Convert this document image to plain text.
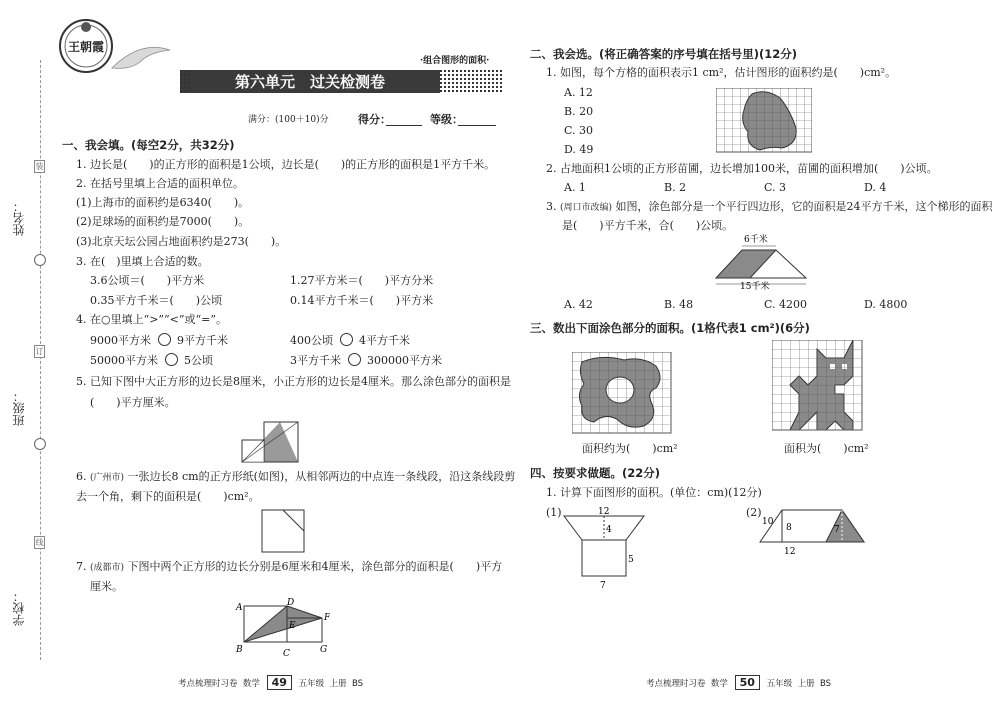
装
订
线
姓名：
班级：
学校：
王朝霞
·组合图形的面积·
第六单元　过关检测卷
满分：(100＋10)分	得分：	等级：
一、我会填。(每空2分，共32分)
1. 边长是(　　)的正方形的面积是1公顷，边长是(　　)的正方形的面积是1平方千米。
2. 在括号里填上合适的面积单位。
(1)上海市的面积约是6340(　　)。
(2)足球场的面积约是7000(　　)。
(3)北京天坛公园占地面积约是273(　　)。
3. 在(　)里填上合适的数。
3.6公顷＝(　　)平方米	1.27平方米＝(　　)平方分米
0.35平方千米＝(　　)公顷	0.14平方千米＝(　　)平方米
4. 在○里填上“>”“<”或“=”。
9000平方米 9平方千米	400公顷 4平方千米
50000平方米 5公顷	3平方千米 300000平方米
5. 已知下图中大正方形的边长是8厘米，小正方形的边长是4厘米。那么涂色部分的面积是
(　　)平方厘米。
6. (广州市) 一张边长8 cm的正方形纸(如图)，从相邻两边的中点连一条线段，沿这条线段剪
去一个角，剩下的面积是(　　)cm²。
7. (成都市) 下图中两个正方形的边长分别是6厘米和4厘米，涂色部分的面积是(　　)平方
厘米。
A	D
F
E
B	C	G
考点梳理时习卷 数学 49 五年级 上册 BS
二、我会选。(将正确答案的序号填在括号里)(12分)
1. 如图，每个方格的面积表示1 cm²，估计图形的面积约是(　　)cm²。
A. 12
B. 20
C. 30
D. 49
2. 占地面积1公顷的正方形苗圃，边长增加100米，苗圃的面积增加(　　)公顷。
A. 1	B. 2	C. 3	D. 4
3. (周口市改编) 如图，涂色部分是一个平行四边形，它的面积是24平方千米，这个梯形的面积
是(　　)平方千米，合(　　)公顷。
6千米
15千米
A. 42	B. 48	C. 4200	D. 4800
三、数出下面涂色部分的面积。(1格代表1 cm²)(6分)
面积约为(　　)cm²	面积为(　　)cm²
四、按要求做题。(22分)
1. 计算下面图形的面积。(单位：cm)(12分)
(1)	12
4
5
7
(2)
10
8	7
12
考点梳理时习卷 数学 50 五年级 上册 BS
